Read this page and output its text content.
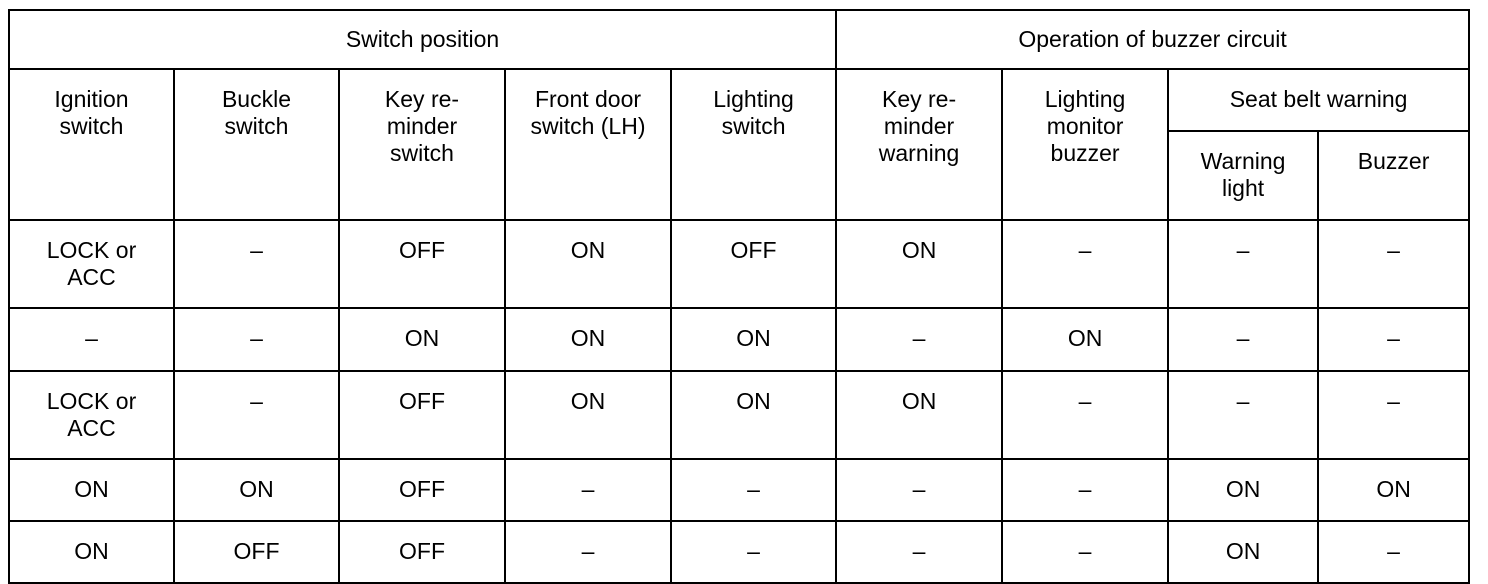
Switch position					Operation of buzzer circuit			

Ignition
switch	Buckle
switch	Key re-
minder
switch	Front door
switch (LH)	Lighting
switch	Key re-
minder
warning	Lighting
monitor
buzzer	Seat belt warning	

							Warning
light	Buzzer

LOCK or
ACC	–	OFF	ON	OFF	ON	–	–	–

–	–	ON	ON	ON	–	ON	–	–

LOCK or
ACC	–	OFF	ON	ON	ON	–	–	–

ON	ON	OFF	–	–	–	–	ON	ON

ON	OFF	OFF	–	–	–	–	ON	–
